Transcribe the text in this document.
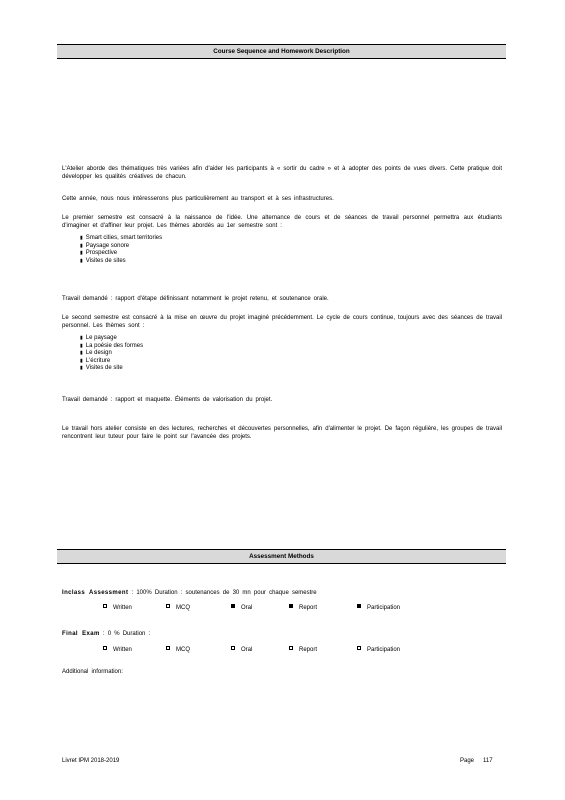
Course Sequence and Homework Description
L'Atelier aborde des thématiques très variées afin d'aider les participants à « sortir du cadre » et à adopter des points de vues divers. Cette pratique doit développer les qualités créatives de chacun.
Cette année, nous nous intéresserons plus particulièrement au transport et à ses infrastructures.
Le premier semestre est consacré à la naissance de l'idée. Une alternance de cours et de séances de travail personnel permettra aux étudiants d'imaginer et d'affiner leur projet. Les thèmes abordés au 1er semestre sont :
▮ Smart cities, smart territories
▮ Paysage sonore
▮ Prospective
▮ Visites de sites
Travail demandé : rapport d'étape définissant notamment le projet retenu, et soutenance orale.
Le second semestre est consacré à la mise en œuvre du projet imaginé précédemment. Le cycle de cours continue, toujours avec des séances de travail personnel. Les thèmes sont :
▮ Le paysage
▮ La poésie des formes
▮ Le design
▮ L'écriture
▮ Visites de site
Travail demandé : rapport et maquette. Éléments de valorisation du projet.
Le travail hors atelier consiste en des lectures, recherches et découvertes personnelles, afin d'alimenter le projet. De façon régulière, les groupes de travail rencontrent leur tuteur pour faire le point sur l'avancée des projets.
Assessment Methods
Inclass Assessment : 100% Duration : soutenances de 30 mn pour chaque semestre
Written	MCQ	Oral	Report	Participation
Final Exam : 0 % Duration :
Written	MCQ	Oral	Report	Participation
Additional information:
Livret IPM 2018-2019	Page 117
